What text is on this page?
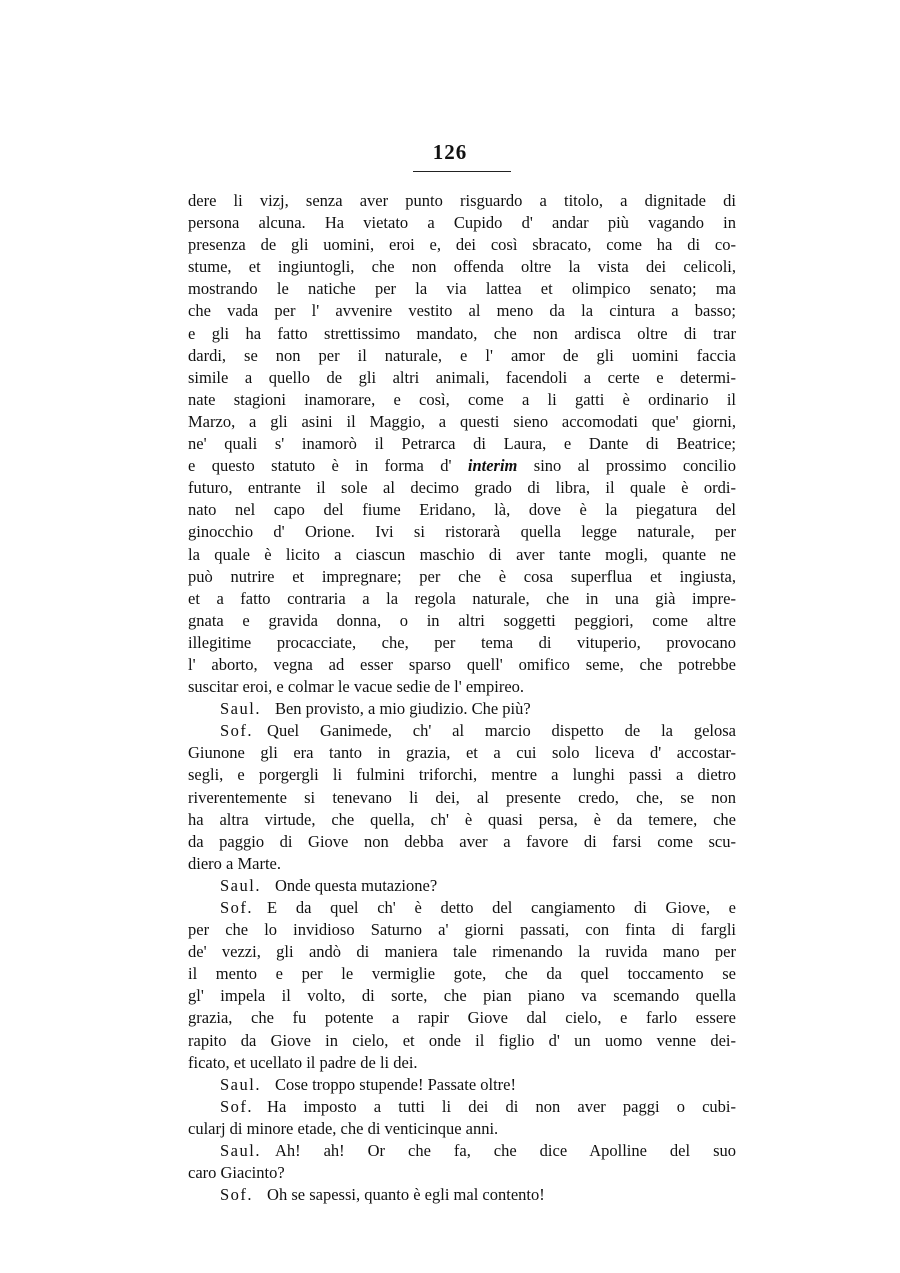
126
dere li vizj, senza aver punto risguardo a titolo, a dignitade di
persona alcuna. Ha vietato a Cupido d' andar più vagando in
presenza de gli uomini, eroi e, dei così sbracato, come ha di co-
stume, et ingiuntogli, che non offenda oltre la vista dei celicoli,
mostrando le natiche per la via lattea et olimpico senato; ma
che vada per l' avvenire vestito al meno da la cintura a basso;
e gli ha fatto strettissimo mandato, che non ardisca oltre di trar
dardi, se non per il naturale, e l' amor de gli uomini faccia
simile a quello de gli altri animali, facendoli a certe e determi-
nate stagioni inamorare, e così, come a li gatti è ordinario il
Marzo, a gli asini il Maggio, a questi sieno accomodati que' giorni,
ne' quali s' inamorò il Petrarca di Laura, e Dante di Beatrice;
e questo statuto è in forma d' interim sino al prossimo concilio
futuro, entrante il sole al decimo grado di libra, il quale è ordi-
nato nel capo del fiume Eridano, là, dove è la piegatura del
ginocchio d' Orione. Ivi si ristorarà quella legge naturale, per
la quale è licito a ciascun maschio di aver tante mogli, quante ne
può nutrire et impregnare; per che è cosa superflua et ingiusta,
et a fatto contraria a la regola naturale, che in una già impre-
gnata e gravida donna, o in altri soggetti peggiori, come altre
illegitime procacciate, che, per tema di vituperio, provocano
l' aborto, vegna ad esser sparso quell' omifico seme, che potrebbe
suscitar eroi, e colmar le vacue sedie de l' empireo.
Saul. Ben provisto, a mio giudizio. Che più?
Sof. Quel Ganimede, ch' al marcio dispetto de la gelosa
Giunone gli era tanto in grazia, et a cui solo liceva d' accostar-
segli, e porgergli li fulmini triforchi, mentre a lunghi passi a dietro
riverentemente si tenevano li dei, al presente credo, che, se non
ha altra virtude, che quella, ch' è quasi persa, è da temere, che
da paggio di Giove non debba aver a favore di farsi come scu-
diero a Marte.
Saul. Onde questa mutazione?
Sof. E da quel ch' è detto del cangiamento di Giove, e
per che lo invidioso Saturno a' giorni passati, con finta di fargli
de' vezzi, gli andò di maniera tale rimenando la ruvida mano per
il mento e per le vermiglie gote, che da quel toccamento se
gl' impela il volto, di sorte, che pian piano va scemando quella
grazia, che fu potente a rapir Giove dal cielo, e farlo essere
rapito da Giove in cielo, et onde il figlio d' un uomo venne dei-
ficato, et ucellato il padre de li dei.
Saul. Cose troppo stupende! Passate oltre!
Sof. Ha imposto a tutti li dei di non aver paggi o cubi-
cularj di minore etade, che di venticinque anni.
Saul. Ah! ah! Or che fa, che dice Apolline del suo
caro Giacinto?
Sof. Oh se sapessi, quanto è egli mal contento!
